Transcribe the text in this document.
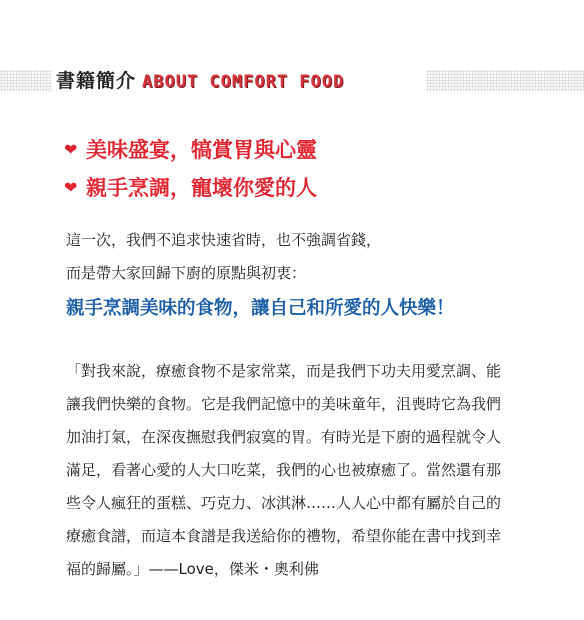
書籍簡介 ABOUT COMFORT FOOD
❤ 美味盛宴，犒賞胃與心靈
❤ 親手烹調，寵壞你愛的人
這一次，我們不追求快速省時，也不強調省錢，
而是帶大家回歸下廚的原點與初衷：
親手烹調美味的食物，讓自己和所愛的人快樂！
「對我來說，療癒食物不是家常菜，而是我們下功夫用愛烹調、能
讓我們快樂的食物。它是我們記憶中的美味童年，沮喪時它為我們
加油打氣，在深夜撫慰我們寂寞的胃。有時光是下廚的過程就令人
滿足，看著心愛的人大口吃菜，我們的心也被療癒了。當然還有那
些令人瘋狂的蛋糕、巧克力、冰淇淋……人人心中都有屬於自己的
療癒食譜，而這本食譜是我送給你的禮物，希望你能在書中找到幸
福的歸屬。」——Love，傑米・奧利佛
